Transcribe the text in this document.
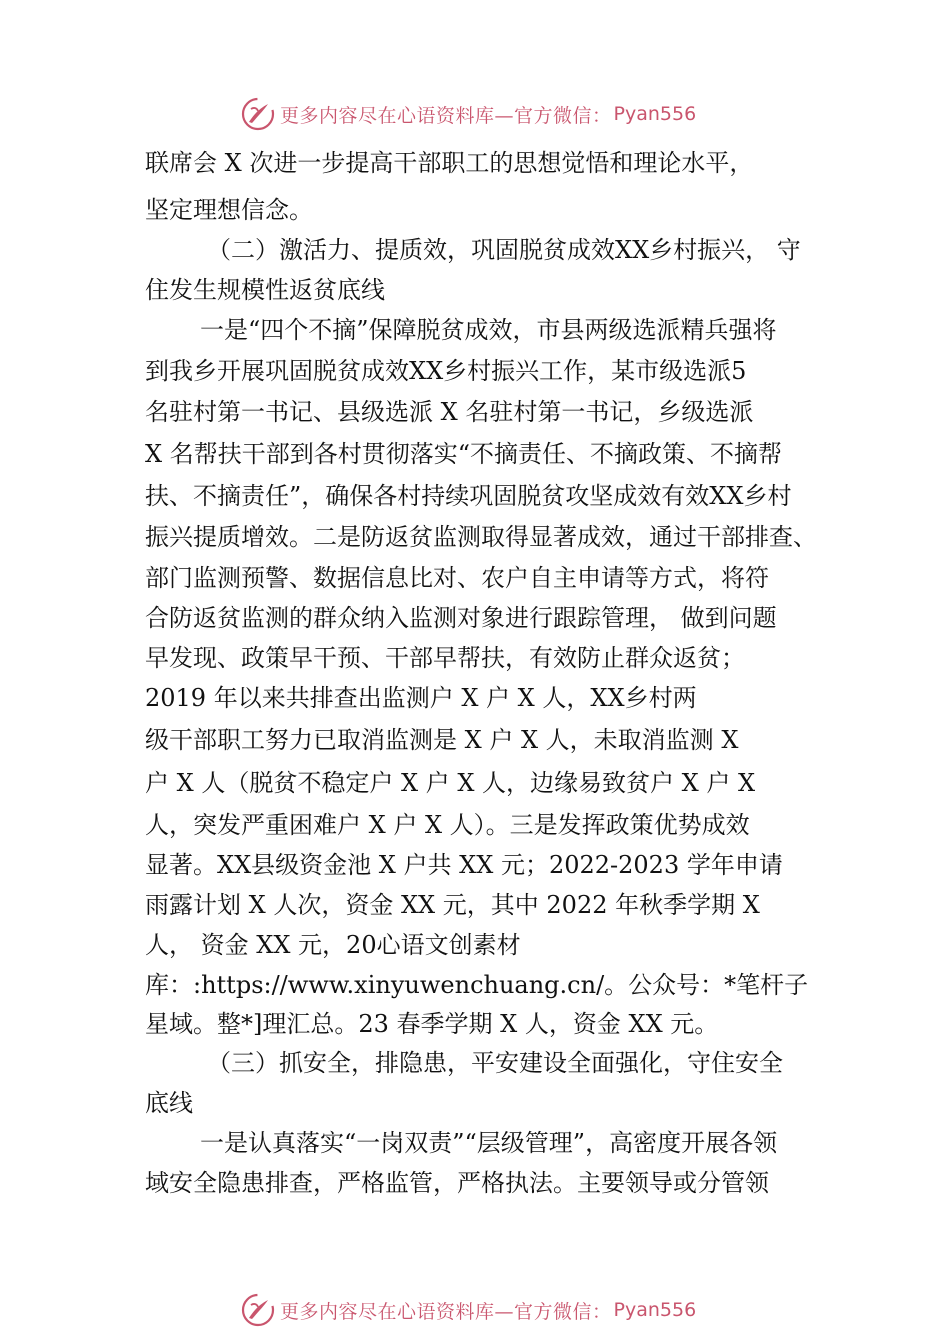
更多内容尽在心语资料库—官方微信： Pyan556
联席会 X 次进一步提高干部职工的思想觉悟和理论水平，
坚定理想信念。
（二）激活力、提质效，巩固脱贫成效XX乡村振兴， 守
住发生规模性返贫底线
一是“四个不摘”保障脱贫成效，市县两级选派精兵强将
到我乡开展巩固脱贫成效XX乡村振兴工作，某市级选派5
名驻村第一书记、县级选派 X 名驻村第一书记，乡级选派
X 名帮扶干部到各村贯彻落实“不摘责任、不摘政策、不摘帮
扶、不摘责任”，确保各村持续巩固脱贫攻坚成效有效XX乡村
振兴提质增效。二是防返贫监测取得显著成效，通过干部排查、
部门监测预警、数据信息比对、农户自主申请等方式，将符
合防返贫监测的群众纳入监测对象进行跟踪管理， 做到问题
早发现、政策早干预、干部早帮扶，有效防止群众返贫；
2019 年以来共排查出监测户 X 户 X 人，XX乡村两
级干部职工努力已取消监测是 X 户 X 人，未取消监测 X
户 X 人（脱贫不稳定户 X 户 X 人，边缘易致贫户 X 户 X
人，突发严重困难户 X 户 X 人）。三是发挥政策优势成效
显著。XX县级资金池 X 户共 XX 元；2022-2023 学年申请
雨露计划 X 人次，资金 XX 元，其中 2022 年秋季学期 X
人， 资金 XX 元，20心语文创素材
库：:https://www.xinyuwenchuang.cn/。公众号：*笔杆子
星域。整*]理汇总。23 春季学期 X 人，资金 XX 元。
（三）抓安全，排隐患，平安建设全面强化，守住安全
底线
一是认真落实“一岗双责”“层级管理”，高密度开展各领
域安全隐患排查，严格监管，严格执法。主要领导或分管领
更多内容尽在心语资料库—官方微信： Pyan556
